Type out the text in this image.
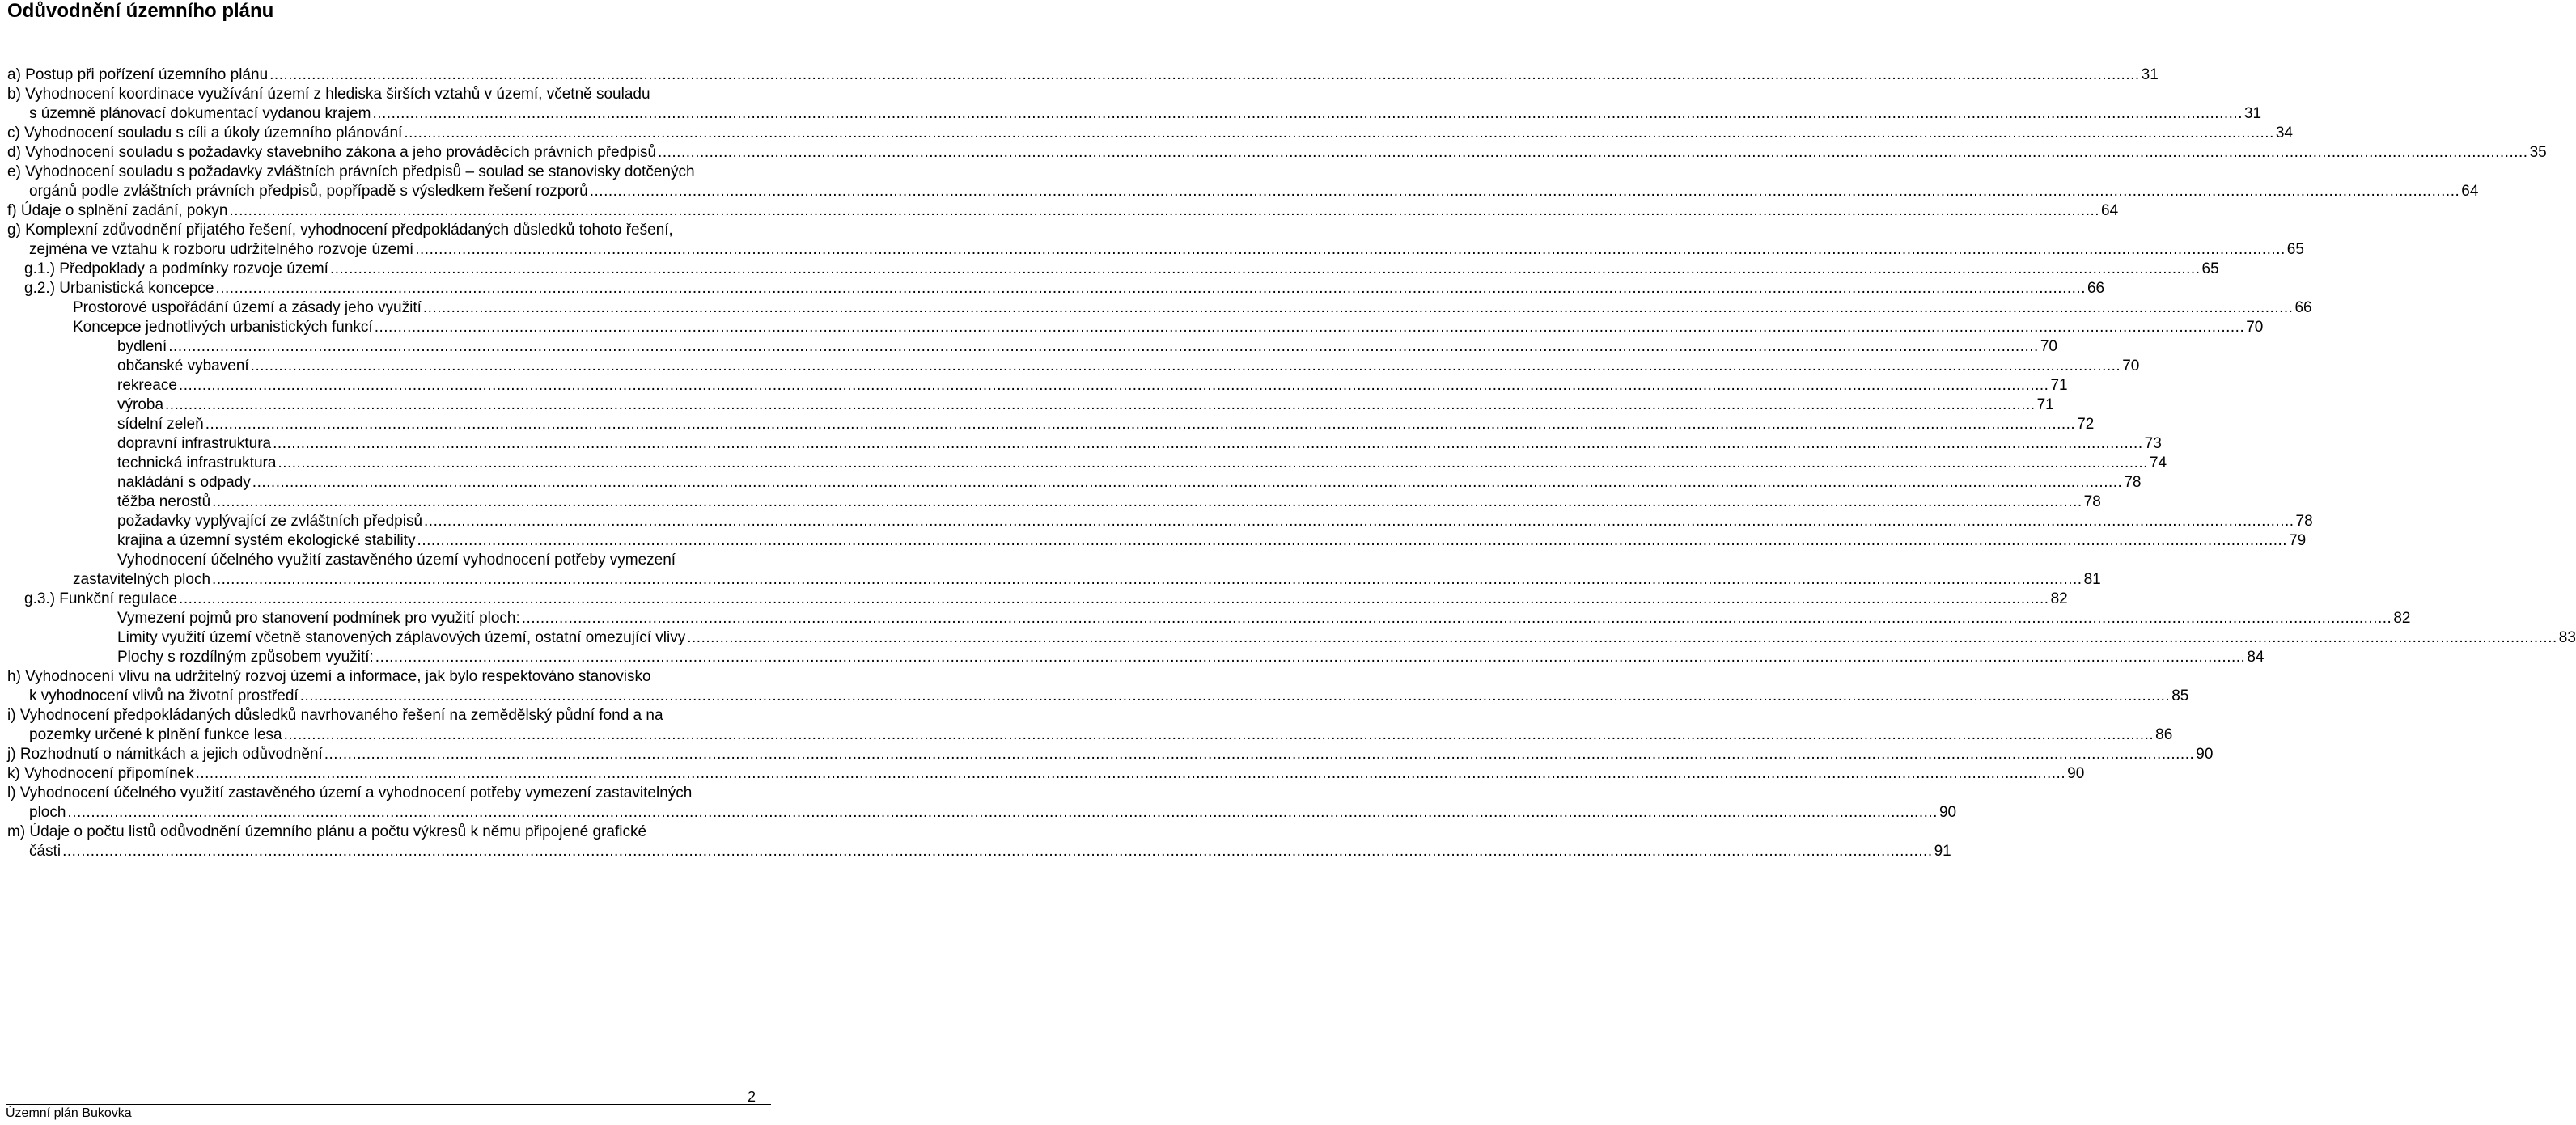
Odůvodnění územního plánu
a) Postup při pořízení územního plánu ................................................................................................................................................................................................................................................................................................................................................................................................................ 31
b) Vyhodnocení koordinace využívání území z hlediska širších vztahů v území, včetně souladu
s územně plánovací dokumentací vydanou krajem ................................................................................................................................................................................................................................................................................................................................................................................................................ 31
c) Vyhodnocení souladu s cíli a úkoly územního plánování ................................................................................................................................................................................................................................................................................................................................................................................................................ 34
d) Vyhodnocení souladu s požadavky stavebního zákona a jeho prováděcích právních předpisů ................................................................................................................................................................................................................................................................................................................................................................................................................ 35
e) Vyhodnocení souladu s požadavky zvláštních právních předpisů – soulad se stanovisky dotčených
orgánů podle zvláštních právních předpisů, popřípadě s výsledkem řešení rozporů ................................................................................................................................................................................................................................................................................................................................................................................................................ 64
f) Údaje o splnění zadání, pokyn ................................................................................................................................................................................................................................................................................................................................................................................................................ 64
g) Komplexní zdůvodnění přijatého řešení, vyhodnocení předpokládaných důsledků tohoto řešení,
zejména ve vztahu k rozboru udržitelného rozvoje území ................................................................................................................................................................................................................................................................................................................................................................................................................ 65
g.1.) Předpoklady a podmínky rozvoje území ................................................................................................................................................................................................................................................................................................................................................................................................................ 65
g.2.) Urbanistická koncepce ................................................................................................................................................................................................................................................................................................................................................................................................................ 66
Prostorové uspořádání území a zásady jeho využití ................................................................................................................................................................................................................................................................................................................................................................................................................ 66
Koncepce jednotlivých urbanistických funkcí ................................................................................................................................................................................................................................................................................................................................................................................................................ 70
bydlení ................................................................................................................................................................................................................................................................................................................................................................................................................ 70
občanské vybavení ................................................................................................................................................................................................................................................................................................................................................................................................................ 70
rekreace ................................................................................................................................................................................................................................................................................................................................................................................................................ 71
výroba ................................................................................................................................................................................................................................................................................................................................................................................................................ 71
sídelní zeleň ................................................................................................................................................................................................................................................................................................................................................................................................................ 72
dopravní infrastruktura ................................................................................................................................................................................................................................................................................................................................................................................................................ 73
technická infrastruktura ................................................................................................................................................................................................................................................................................................................................................................................................................ 74
nakládání s odpady ................................................................................................................................................................................................................................................................................................................................................................................................................ 78
těžba nerostů ................................................................................................................................................................................................................................................................................................................................................................................................................ 78
požadavky vyplývající ze zvláštních předpisů ................................................................................................................................................................................................................................................................................................................................................................................................................ 78
krajina a územní systém ekologické stability ................................................................................................................................................................................................................................................................................................................................................................................................................ 79
Vyhodnocení účelného využití zastavěného území vyhodnocení potřeby vymezení
zastavitelných ploch ................................................................................................................................................................................................................................................................................................................................................................................................................ 81
g.3.) Funkční regulace ................................................................................................................................................................................................................................................................................................................................................................................................................ 82
Vymezení pojmů pro stanovení podmínek pro využití ploch: ................................................................................................................................................................................................................................................................................................................................................................................................................ 82
Limity využití území včetně stanovených záplavových území, ostatní omezující vlivy ................................................................................................................................................................................................................................................................................................................................................................................................................ 83
Plochy s rozdílným způsobem využití: ................................................................................................................................................................................................................................................................................................................................................................................................................ 84
h) Vyhodnocení vlivu na udržitelný rozvoj území a informace, jak bylo respektováno stanovisko
k vyhodnocení vlivů na životní prostředí ................................................................................................................................................................................................................................................................................................................................................................................................................ 85
i) Vyhodnocení předpokládaných důsledků navrhovaného řešení na zemědělský půdní fond a na
pozemky určené k plnění funkce lesa ................................................................................................................................................................................................................................................................................................................................................................................................................ 86
j) Rozhodnutí o námitkách a jejich odůvodnění ................................................................................................................................................................................................................................................................................................................................................................................................................ 90
k) Vyhodnocení připomínek ................................................................................................................................................................................................................................................................................................................................................................................................................ 90
l) Vyhodnocení účelného využití zastavěného území a vyhodnocení potřeby vymezení zastavitelných
ploch ................................................................................................................................................................................................................................................................................................................................................................................................................ 90
m) Údaje o počtu listů odůvodnění územního plánu a počtu výkresů k němu připojené grafické
části ................................................................................................................................................................................................................................................................................................................................................................................................................ 91
2
Územní plán Bukovka
